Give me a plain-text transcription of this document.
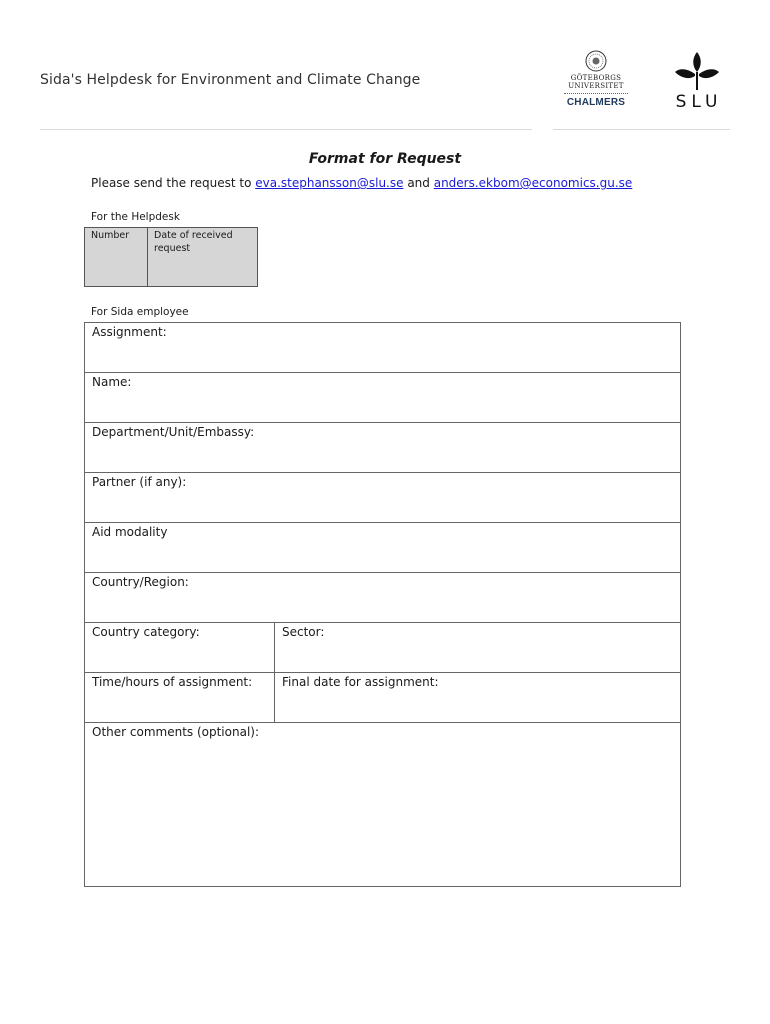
Sida's Helpdesk for Environment and Climate Change	GÖTEBORGS
UNIVERSITET
CHALMERS	SLU
Format for Request
Please send the request to eva.stephansson@slu.se and anders.ekbom@economics.gu.se
For the Helpdesk
Number	Date of received request
For Sida employee
Assignment:	
Name:	
Department/Unit/Embassy:	
Partner (if any):	
Aid modality	
Country/Region:	
Country category:	Sector:
Time/hours of assignment:	Final date for assignment:
Other comments (optional):	
